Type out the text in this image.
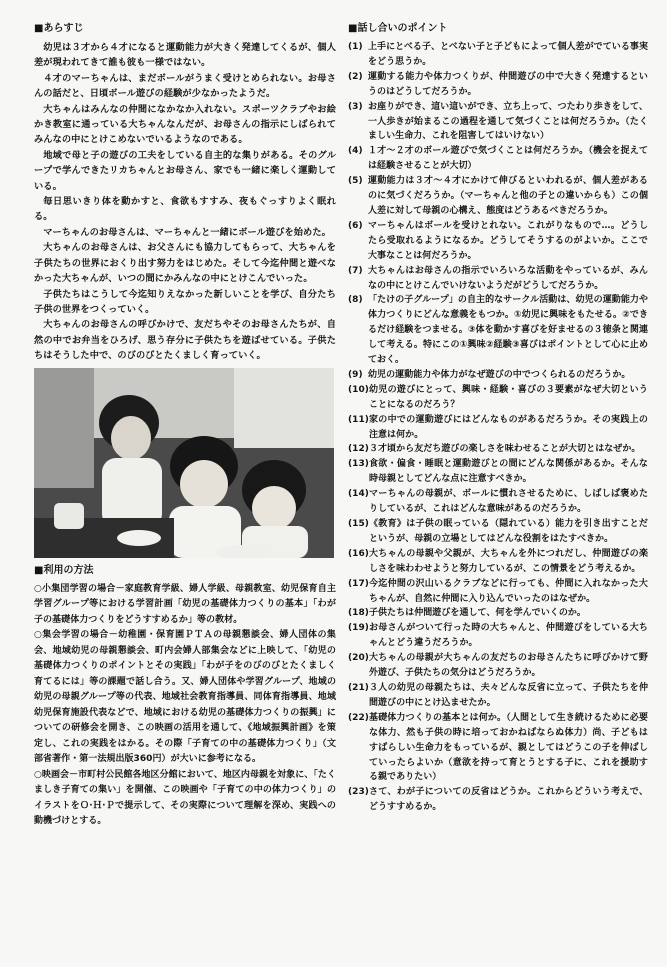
■あらすじ

幼児は３才から４才になると運動能力が大きく発達してくるが、個人差が現われてきて誰も彼も一様ではない。

４才のマーちゃんは、まだボールがうまく受けとめられない。お母さんの話だと、日頃ボール遊びの経験が少なかったようだ。

大ちゃんはみんなの仲間になかなか入れない。スポーツクラブやお絵かき教室に通っている大ちゃんなんだが、お母さんの指示にしばられてみんなの中にとけこめないでいるようなのである。

地域で母と子の遊びの工夫をしている自主的な集りがある。そのグループで学んできたリカちゃんとお母さん、家でも一緒に楽しく運動している。

毎日思いきり体を動かすと、食欲もすすみ、夜もぐっすりよく眠れる。

マーちゃんのお母さんは、マーちゃんと一緒にボール遊びを始めた。

大ちゃんのお母さんは、お父さんにも協力してもらって、大ちゃんを子供たちの世界におくり出す努力をはじめた。そして今迄仲間と遊べなかった大ちゃんが、いつの間にかみんなの中にとけこんでいった。

子供たちはこうして今迄知りえなかった新しいことを学び、自分たち子供の世界をつくっていく。

大ちゃんのお母さんの呼びかけで、友だちやそのお母さんたちが、自然の中でお弁当をひろげ、思う存分に子供たちを遊ばせている。子供たちはそうした中で、のびのびとたくましく育っていく。

■利用の方法

○小集団学習の場合－家庭教育学級、婦人学級、母親教室、幼児保育自主学習グループ等における学習計画「幼児の基礎体力つくりの基本」「わが子の基礎体力つくりをどうすすめるか」等の教材。

○集会学習の場合－幼稚園・保育園ＰＴＡの母親懇談会、婦人団体の集会、地域幼児の母親懇談会、町内会婦人部集会などに上映して、「幼児の基礎体力つくりのポイントとその実践」「わが子をのびのびとたくましく育てるには」等の課題で話し合う。又、婦人団体や学習グループ、地域の幼児の母親グループ等の代表、地域社会教育指導員、同体育指導員、地域幼児保育施設代表などで、地域における幼児の基礎体力つくりの振興」についての研修会を開き、この映画の活用を通して、《地域振興計画》を策定し、これの実践をはかる。その際「子育ての中の基礎体力つくり」（文部省著作・第一法規出版360円）が大いに参考になる。

○映画会－市町村公民館各地区分館において、地区内母親を対象に、「たくましき子育ての集い」を開催、この映画や「子育ての中の体力つくり」のイラストをＯ·Ｈ·Ｐで提示して、その実際について理解を深め、実践への動機づけとする。

■話し合いのポイント
(1) 上手にとべる子、とべない子と子どもによって個人差がでている事実をどう思うか。
(2) 運動する能力や体力つくりが、仲間遊びの中で大きく発達するというのはどうしてだろうか。
(3) お座りができ、這い這いができ、立ち上って、つたわり歩きをして、一人歩きが始まるこの過程を通して気づくことは何だろうか。（たくましい生命力、これを阻害してはいけない）
(4) １才～２才のボール遊びで気づくことは何だろうか。（機会を捉えては経験させることが大切）
(5) 運動能力は３才～４才にかけて伸びるといわれるが、個人差があるのに気づくだろうか。（マーちゃんと他の子との違いからも）この個人差に対して母親の心構え、態度はどうあるべきだろうか。
(6) マーちゃんはボールを受けとれない。これがりなもので…。どうしたら受取れるようになるか。どうしてそうするのがよいか。ここで大事なことは何だろうか。
(7) 大ちゃんはお母さんの指示でいろいろな活動をやっているが、みんなの中にとけこんでいけないようだがどうしてだろうか。
(8) 「たけの子グループ」の自主的なサークル活動は、幼児の運動能力や体力つくりにどんな意義をもつか。①幼児に興味をもたせる。②できるだけ経験をつませる。③体を動かす喜びを好ませるの３徳条と関連して考える。特にこの①興味②経験③喜びはポイントとして心に止めておく。
(9) 幼児の運動能力や体力がなぜ遊びの中でつくられるのだろうか。
(10) 幼児の遊びにとって、興味・経験・喜びの３要素がなぜ大切ということになるのだろう？
(11) 家の中での運動遊びにはどんなものがあるだろうか。その実践上の注意は何か。
(12) ３才頃から友だち遊びの楽しさを味わせることが大切とはなぜか。
(13) 食欲・偏食・睡眠と運動遊びとの間にどんな関係があるか。そんな時母親としてどんな点に注意すべきか。
(14) マーちゃんの母親が、ボールに慣れさせるために、しばしば褒めたりしているが、これはどんな意味があるのだろうか。
(15) 《教育》は子供の眠っている（隠れている）能力を引き出すことだというが、母親の立場としてはどんな役割をはたすべきか。
(16) 大ちゃんの母親や父親が、大ちゃんを外につれだし、仲間遊びの楽しさを味わわせようと努力しているが、この情景をどう考えるか。
(17) 今迄仲間の沢山いるクラブなどに行っても、仲間に入れなかった大ちゃんが、自然に仲間に入り込んでいったのはなぜか。
(18) 子供たちは仲間遊びを通して、何を学んでいくのか。
(19) お母さんがついて行った時の大ちゃんと、仲間遊びをしている大ちゃんとどう違うだろうか。
(20) 大ちゃんの母親が大ちゃんの友だちのお母さんたちに呼びかけて野外遊び、子供たちの気分はどうだろうか。
(21) ３人の幼児の母親たちは、夫々どんな反省に立って、子供たちを仲間遊びの中にとけ込ませたか。
(22) 基礎体力つくりの基本とは何か。（人間として生き続けるために必要な体力、然も子供の時に培っておかねばならぬ体力）尚、子どもはすばらしい生命力をもっているが、親としてはどうこの子を伸ばしていったらよいか（意欲を持って育とうとする子に、これを援助する親でありたい）
(23) さて、わが子についての反省はどうか。これからどういう考えで、どうすすめるか。
